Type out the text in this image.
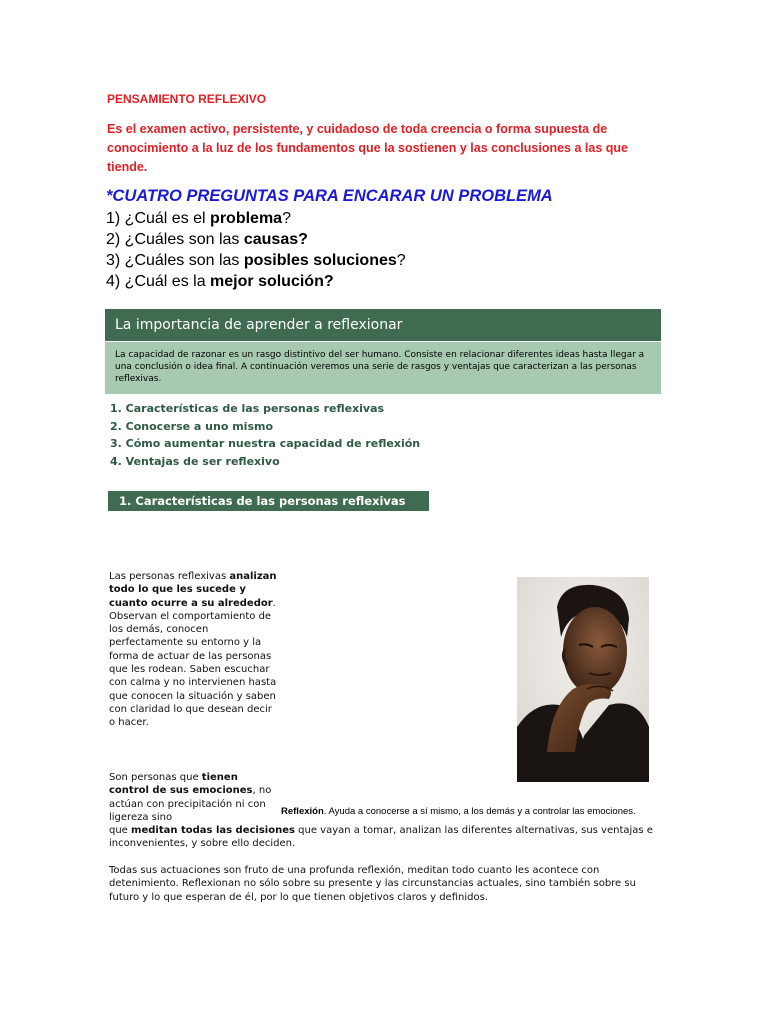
PENSAMIENTO REFLEXIVO
Es el examen activo, persistente, y cuidadoso de toda creencia o forma supuesta de conocimiento a la luz de los fundamentos que la sostienen y las conclusiones a las que tiende.
*CUATRO PREGUNTAS PARA ENCARAR UN PROBLEMA
1) ¿Cuál es el problema?
2) ¿Cuáles son las causas?
3) ¿Cuáles son las posibles soluciones?
4) ¿Cuál es la mejor solución?
La importancia de aprender a reflexionar
La capacidad de razonar es un rasgo distintivo del ser humano. Consiste en relacionar diferentes ideas hasta llegar a una conclusión o idea final. A continuación veremos una serie de rasgos y ventajas que caracterizan a las personas reflexivas.
1. Características de las personas reflexivas
2. Conocerse a uno mismo
3. Cómo aumentar nuestra capacidad de reflexión
4. Ventajas de ser reflexivo
1. Características de las personas reflexivas
Las personas reflexivas analizan todo lo que les sucede y cuanto ocurre a su alrededor. Observan el comportamiento de los demás, conocen perfectamente su entorno y la forma de actuar de las personas que les rodean. Saben escuchar con calma y no intervienen hasta que conocen la situación y saben con claridad lo que desean decir o hacer.
Son personas que tienen control de sus emociones, no actúan con precipitación ni con ligereza sino
que meditan todas las decisiones que vayan a tomar, analizan las diferentes alternativas, sus ventajas e inconvenientes, y sobre ello deciden.
Todas sus actuaciones son fruto de una profunda reflexión, meditan todo cuanto les acontece con detenimiento. Reflexionan no sólo sobre su presente y las circunstancias actuales, sino también sobre su futuro y lo que esperan de él, por lo que tienen objetivos claros y definidos.
Reflexión. Ayuda a conocerse a sí mismo, a los demás y a controlar las emociones.
